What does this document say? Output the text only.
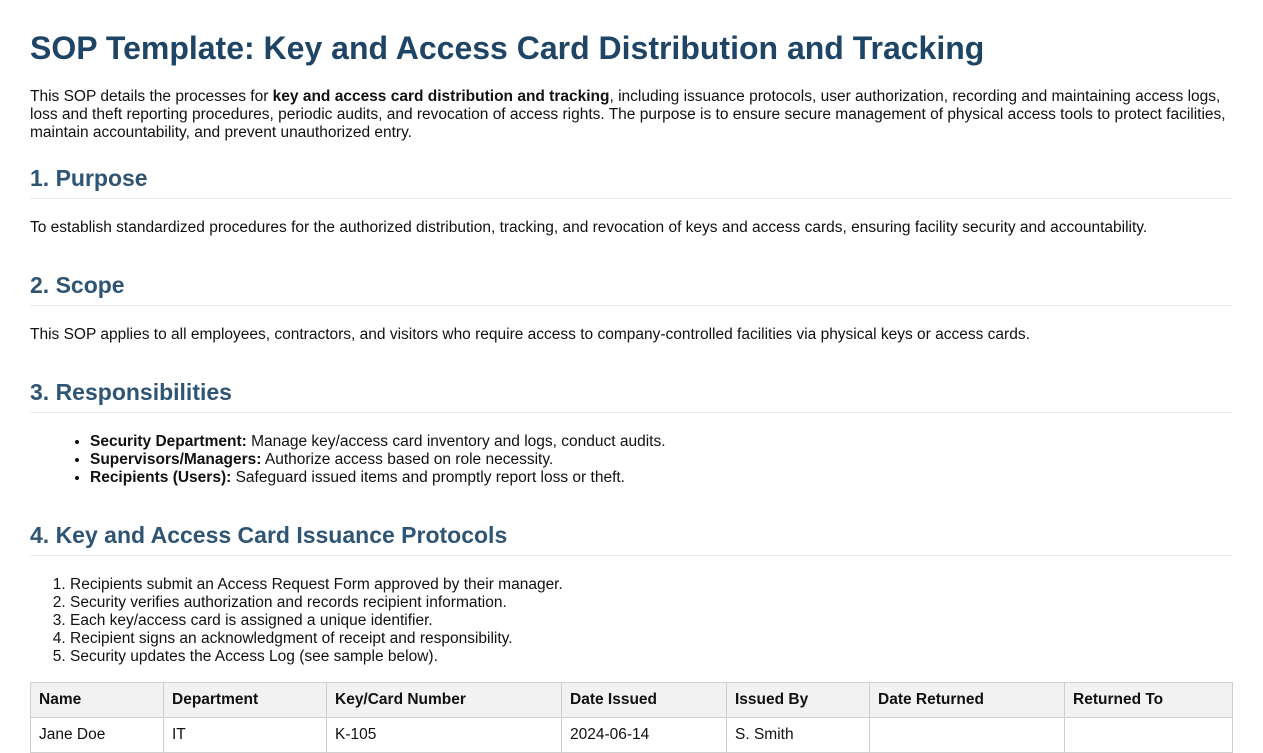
SOP Template: Key and Access Card Distribution and Tracking

This SOP details the processes for key and access card distribution and tracking, including issuance protocols, user authorization, recording and maintaining access logs, loss and theft reporting procedures, periodic audits, and revocation of access rights. The purpose is to ensure secure management of physical access tools to protect facilities, maintain accountability, and prevent unauthorized entry.

1. Purpose

To establish standardized procedures for the authorized distribution, tracking, and revocation of keys and access cards, ensuring facility security and accountability.

2. Scope

This SOP applies to all employees, contractors, and visitors who require access to company-controlled facilities via physical keys or access cards.

3. Responsibilities
• Security Department: Manage key/access card inventory and logs, conduct audits.
• Supervisors/Managers: Authorize access based on role necessity.
• Recipients (Users): Safeguard issued items and promptly report loss or theft.
4. Key and Access Card Issuance Protocols
1. Recipients submit an Access Request Form approved by their manager.
2. Security verifies authorization and records recipient information.
3. Each key/access card is assigned a unique identifier.
4. Recipient signs an acknowledgment of receipt and responsibility.
5. Security updates the Access Log (see sample below).
Name	Department	Key/Card Number	Date Issued	Issued By	Date Returned	Returned To
Jane Doe	IT	K-105	2024-06-14	S. Smith		
